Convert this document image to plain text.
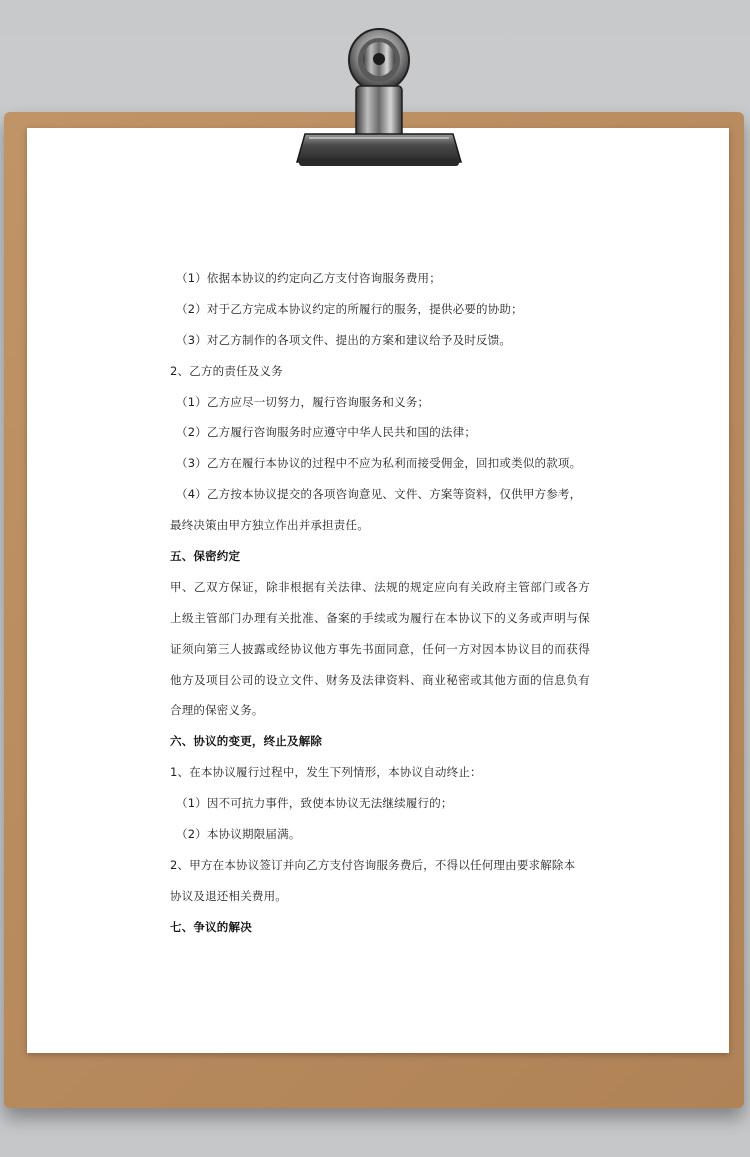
（1）依据本协议的约定向乙方支付咨询服务费用；
（2）对于乙方完成本协议约定的所履行的服务，提供必要的协助；
（3）对乙方制作的各项文件、提出的方案和建议给予及时反馈。
2、乙方的责任及义务
（1）乙方应尽一切努力，履行咨询服务和义务；
（2）乙方履行咨询服务时应遵守中华人民共和国的法律；
（3）乙方在履行本协议的过程中不应为私利而接受佣金，回扣或类似的款项。
（4）乙方按本协议提交的各项咨询意见、文件、方案等资料，仅供甲方参考，
最终决策由甲方独立作出并承担责任。
五、保密约定
甲、乙双方保证，除非根据有关法律、法规的规定应向有关政府主管部门或各方
上级主管部门办理有关批准、备案的手续或为履行在本协议下的义务或声明与保
证须向第三人披露或经协议他方事先书面同意，任何一方对因本协议目的而获得
他方及项目公司的设立文件、财务及法律资料、商业秘密或其他方面的信息负有
合理的保密义务。
六、协议的变更，终止及解除
1、在本协议履行过程中，发生下列情形，本协议自动终止：
（1）因不可抗力事件，致使本协议无法继续履行的；
（2）本协议期限届满。
2、甲方在本协议签订并向乙方支付咨询服务费后，不得以任何理由要求解除本
协议及退还相关费用。
七、争议的解决
